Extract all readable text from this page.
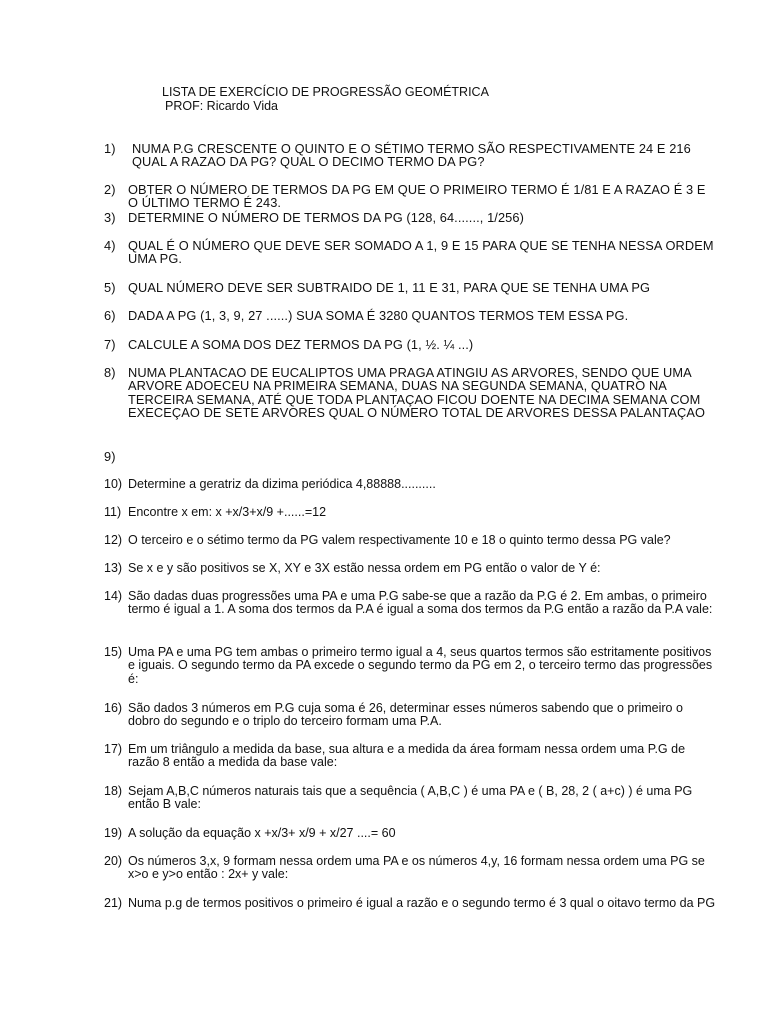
LISTA DE EXERCÍCIO DE PROGRESSÃO GEOMÉTRICA
PROF: Ricardo Vida
1) NUMA P.G CRESCENTE O QUINTO E O SÉTIMO TERMO SÃO RESPECTIVAMENTE 24 E 216 QUAL A RAZAO DA PG? QUAL O DECIMO TERMO DA PG?
2) OBTER O NÚMERO DE TERMOS DA PG EM QUE O PRIMEIRO TERMO É 1/81 E A RAZAO É 3 E O ÚLTIMO TERMO É 243.
3) DETERMINE O NÚMERO DE TERMOS DA PG (128, 64......., 1/256)
4) QUAL É O NÚMERO QUE DEVE SER SOMADO A 1, 9 E 15 PARA QUE SE TENHA NESSA ORDEM UMA PG.
5) QUAL NÚMERO DEVE SER SUBTRAIDO DE 1, 11 E 31, PARA QUE SE TENHA UMA PG
6) DADA A PG (1, 3, 9, 27 ......) SUA SOMA É 3280 QUANTOS TERMOS TEM ESSA PG.
7) CALCULE A SOMA DOS DEZ TERMOS DA PG (1, ½. ¼ ...)
8) NUMA PLANTACAO DE EUCALIPTOS UMA PRAGA ATINGIU AS ARVORES, SENDO QUE UMA ARVORE ADOECEU NA PRIMEIRA SEMANA, DUAS NA SEGUNDA SEMANA, QUATRO NA TERCEIRA SEMANA, ATÉ QUE TODA PLANTAÇAO FICOU DOENTE NA DECIMA SEMANA COM EXECEÇAO DE SETE ARVORES QUAL O NÚMERO TOTAL DE ARVORES DESSA PALANTAÇAO
9)
10) Determine a geratriz da dizima periódica 4,88888..........
11) Encontre x em: x +x/3+x/9 +......=12
12) O terceiro e o sétimo termo da PG valem respectivamente 10 e 18 o quinto termo dessa PG vale?
13) Se x e y são positivos se X, XY e 3X estão nessa ordem em PG então o valor de Y é:
14) São dadas duas progressões uma PA e uma P.G sabe-se que a razão da P.G é 2. Em ambas, o primeiro termo é igual a 1. A soma dos termos da P.A é igual a soma dos termos da P.G então a razão da P.A vale:
15) Uma PA e uma PG tem ambas o primeiro termo igual a 4, seus quartos termos são estritamente positivos e iguais. O segundo termo da PA excede o segundo termo da PG em 2, o terceiro termo das progressões é:
16) São dados 3 números em P.G cuja soma é 26, determinar esses números sabendo que o primeiro o dobro do segundo e o triplo do terceiro formam uma P.A.
17) Em um triângulo a medida da base, sua altura e a medida da área formam nessa ordem uma P.G de razão 8 então a medida da base vale:
18) Sejam A,B,C números naturais tais que a sequência ( A,B,C ) é uma PA e ( B, 28, 2 ( a+c) ) é uma PG então B vale:
19) A solução da equação x +x/3+ x/9 + x/27 ....= 60
20) Os números 3,x, 9 formam nessa ordem uma PA e os números 4,y, 16 formam nessa ordem uma PG se x>o e y>o então : 2x+ y vale:
21) Numa p.g de termos positivos o primeiro é igual a razão e o segundo termo é 3 qual o oitavo termo da PG
